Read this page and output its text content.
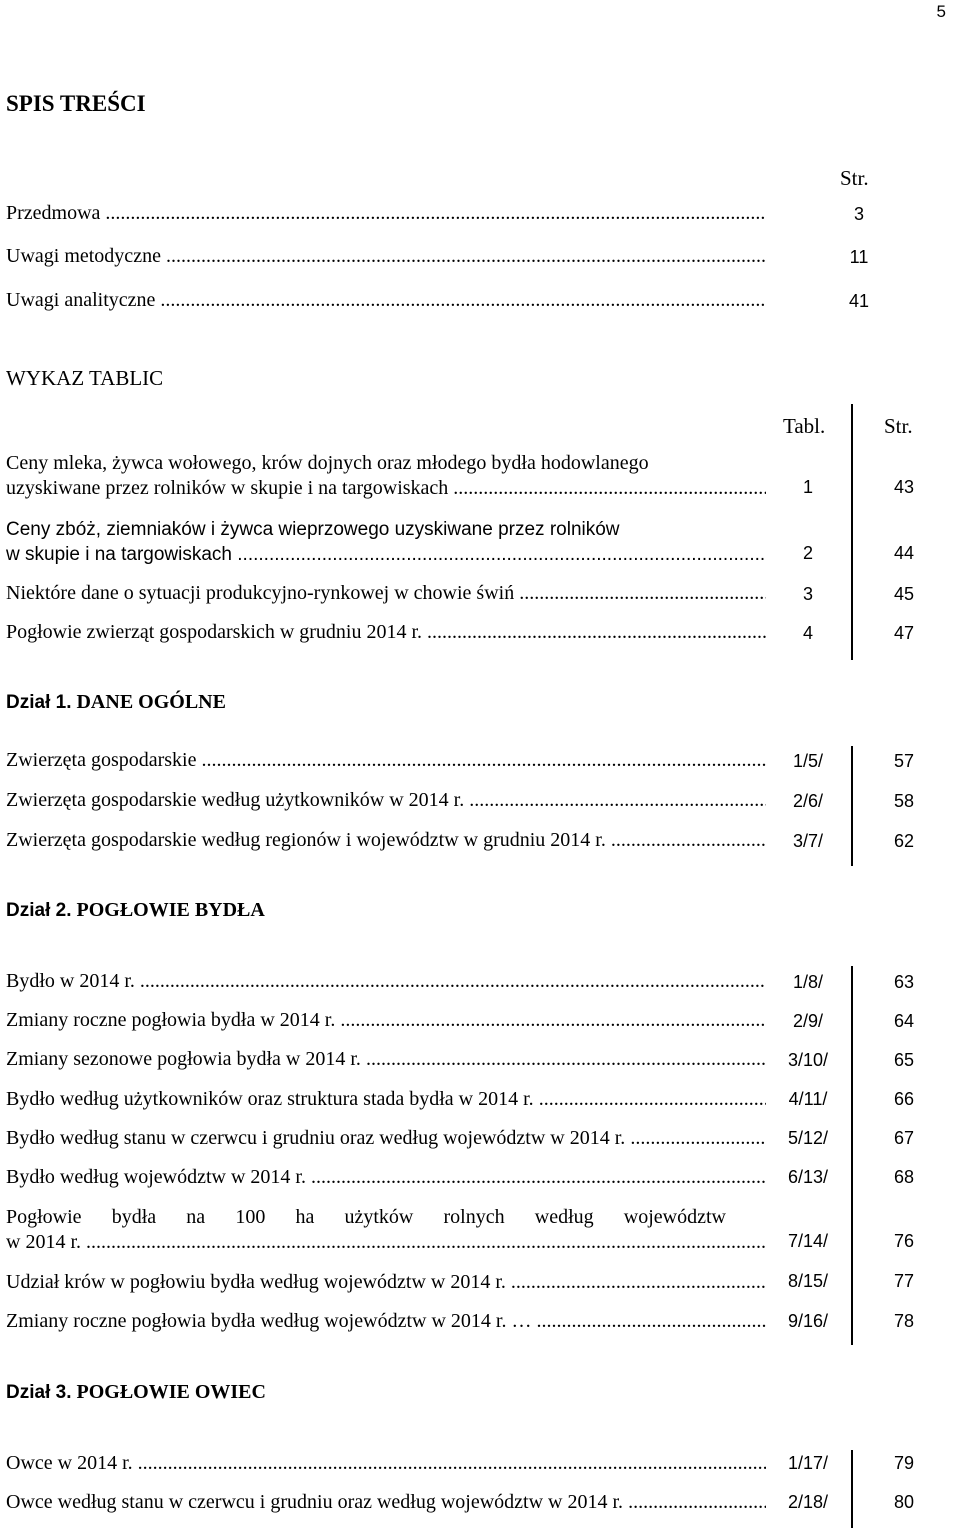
5
SPIS TREŚCI
Str.
Przedmowa .....	3
Uwagi metodyczne .....	11
Uwagi analityczne .....	41
WYKAZ TABLIC
Tabl.	Str.
Ceny mleka, żywca wołowego, krów dojnych oraz młodego bydła hodowlanego
uzyskiwane przez rolników w skupie i na targowiskach .....	1	43
Ceny zbóż, ziemniaków i żywca wieprzowego uzyskiwane przez rolników
w skupie i na targowiskach .....	2	44
Niektóre dane o sytuacji produkcyjno-rynkowej w chowie świń .....	3	45
Pogłowie zwierząt gospodarskich w grudniu 2014 r. .....	4	47
Dział 1. DANE OGÓLNE
Zwierzęta gospodarskie .....	1/5/	57
Zwierzęta gospodarskie według użytkowników w 2014 r. .....	2/6/	58
Zwierzęta gospodarskie według regionów i województw w grudniu 2014 r. .....	3/7/	62
Dział 2. POGŁOWIE BYDŁA
Bydło w 2014 r. .....	1/8/	63
Zmiany roczne pogłowia bydła w 2014 r. .....	2/9/	64
Zmiany sezonowe pogłowia bydła w 2014 r. .....	3/10/	65
Bydło według użytkowników oraz struktura stada bydła w 2014 r. .....	4/11/	66
Bydło według stanu w czerwcu i grudniu oraz według województw w 2014 r. .....	5/12/	67
Bydło według województw w 2014 r. .....	6/13/	68
Pogłowie bydła na 100 ha użytków rolnych według województw
w 2014 r. .....	7/14/	76
Udział krów w pogłowiu bydła według województw w 2014 r. .....	8/15/	77
Zmiany roczne pogłowia bydła według województw w 2014 r. … .....	9/16/	78
Dział 3. POGŁOWIE OWIEC
Owce w 2014 r. .....	1/17/	79
Owce według stanu w czerwcu i grudniu oraz według województw w 2014 r. .....	2/18/	80
